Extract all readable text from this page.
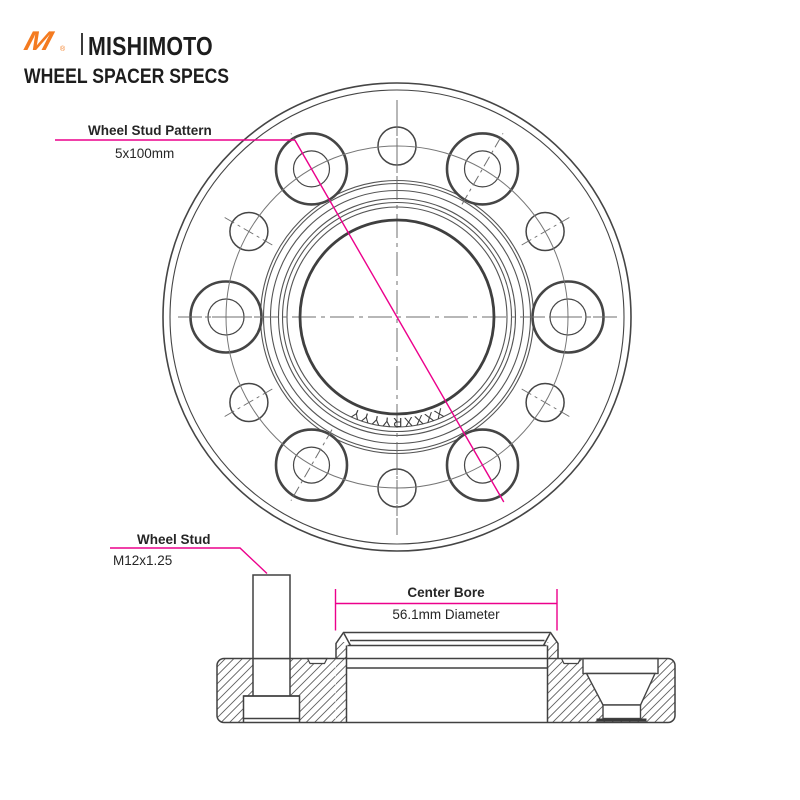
M ® MISHIMOTO
WHEEL SPACER SPECS
XXXXRYYYY
Wheel Stud Pattern
5x100mm
Wheel Stud
M12x1.25
Center Bore
56.1mm Diameter
